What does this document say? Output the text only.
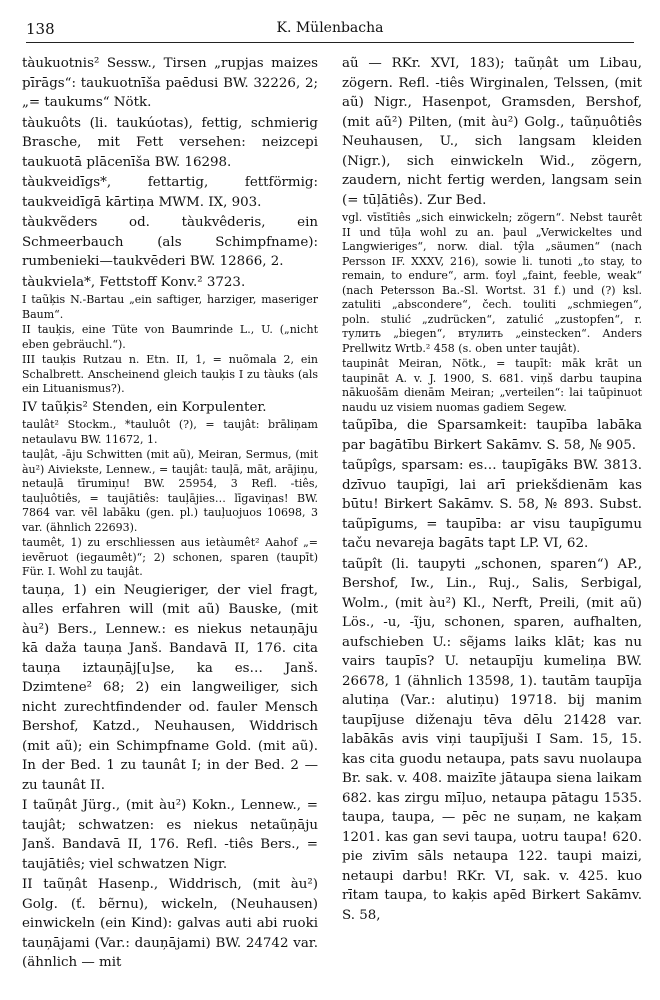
138	K. Mülenbacha

tàukuotnis² Sessw., Tirsen „rupjas maizes pīrāgs“: taukuotnīša paēdusi BW. 32226, 2; „= taukums“ Nötk.

tàukuôts (li. taukúotas), fettig, schmierig Brasche, mit Fett versehen: neizcepi taukuotā plācenīša BW. 16298.

tàukveidīgs*, fettartig, fettförmig: taukveidīgā kārtiņa MWM. IX, 903.

tàukvẽders od. tàukvêderis, ein Schmeerbauch (als Schimpfname): rumbenieki—taukvēderi BW. 12866, 2.

tàukviela*, Fettstoff Konv.² 3723.

I taũķis N.-Bartau „ein saftiger, harziger, maseriger Baum“.

II tauķis, eine Tüte von Baumrinde L., U. („nicht eben gebräuchl.“).

III tauķis Rutzau n. Etn. II, 1, = nuõmala 2, ein Schalbrett. Anscheinend gleich tauķis I zu tàuks (als ein Lituanismus?).

IV taũķis² Stenden, ein Korpulenter.

taulât² Stockm., *tauluôt (?), = taujât: brāliņam netaulavu BW. 11672, 1.

tauļât, -āju Schwitten (mit aũ), Meiran, Sermus, (mit àu²) Aiviekste, Lennew., = taujât: tauļā, māt, arājiņu, netauļā tīrumiņu! BW. 25954, 3 Refl. -tiês, tauļuôtiês, = taujātiês: tauļājies… līgaviņas! BW. 7864 var. vēl labāku (gen. pl.) tauļuojuos 10698, 3 var. (ähnlich 22693).

taumêt, 1) zu erschliessen aus ietàumêt² Aahof „= ievẽruot (iegaumêt)“; 2) schonen, sparen (taupīt) Für. I. Wohl zu taujât.

tauņa, 1) ein Neugieriger, der viel fragt, alles erfahren will (mit aũ) Bauske, (mit àu²) Bers., Lennew.: es niekus netauņāju kā daža tauņa Janš. Bandavā II, 176. cita tauņa iztauņāj[u]se, ka es… Janš. Dzimtene² 68; 2) ein langweiliger, sich nicht zurechtfindender od. fauler Mensch Bershof, Katzd., Neuhausen, Widdrisch (mit aũ); ein Schimpfname Gold. (mit aũ). In der Bed. 1 zu taunât I; in der Bed. 2 — zu taunât II.

I taũņât Jürg., (mit àu²) Kokn., Lennew., = taujât; schwatzen: es niekus netaũņāju Janš. Bandavā II, 176. Refl. -tiês Bers., = taujātiês; viel schwatzen Nigr.

II taũņât Hasenp., Widdrisch, (mit àu²) Golg. (ť. bẽrnu), wickeln, (Neuhausen) einwickeln (ein Kind): galvas auti abi ruoki tauņājami (Var.: dauņājami) BW. 24742 var. (ähnlich — mit

aũ — RKr. XVI, 183); taũņât um Libau, zögern. Refl. -tiês Wirginalen, Telssen, (mit aũ) Nigr., Hasenpot, Gramsden, Bershof, (mit aũ²) Pilten, (mit àu²) Golg., taũņuôtiês Neuhausen, U., sich langsam kleiden (Nigr.), sich einwickeln Wid., zögern, zaudern, nicht fertig werden, langsam sein (= tūļātiês). Zur Bed.

vgl. vīstītiês „sich einwickeln; zögern“. Nebst taurêt II und tūļa wohl zu an. þaul „Verwickeltes und Langwieriges“, norw. dial. tŷla „säumen“ (nach Persson IF. XXXV, 216), sowie li. tunoti „to stay, to remain, to endure“, arm. ťoyl „faint, feeble, weak“ (nach Petersson Ba.-Sl. Wortst. 31 f.) und (?) ksl. zatuliti „abscondere“, čech. touliti „schmiegen“, poln. stulić „zudrücken“, zatulić „zustopfen“, r. тулить „biegen“, втулить „einstecken“. Anders Prellwitz Wrtb.² 458 (s. oben unter taujât).

taupinât Meiran, Nötk., = taupīt: māk krāt un taupināt A. v. J. 1900, S. 681. viņš darbu taupina nākuošām dienām Meiran; „verteilen“: lai taūpinuot naudu uz visiem nuomas gadiem Segew.

taũpība, die Sparsamkeit: taupība labāka par bagātību Birkert Sakāmv. S. 58, № 905.

taũpîgs, sparsam: es… taupīgāks BW. 3813. dzīvuo taupīgi, lai arī priekšdienām kas būtu! Birkert Sakāmv. S. 58, № 893. Subst. taũpīgums, = taupība: ar visu taupīgumu taču nevareja bagāts tapt LP. VI, 62.

taũpît (li. taupyti „schonen, sparen“) AP., Bershof, Iw., Lin., Ruj., Salis, Serbigal, Wolm., (mit àu²) Kl., Nerft, Preili, (mit aũ) Lös., -u, -ĩju, schonen, sparen, aufhalten, aufschieben U.: sẽjams laiks klāt; kas nu vairs taupīs? U. netaupīju kumeliņa BW. 26678, 1 (ähnlich 13598, 1). tautām taupīja alutiņa (Var.: alutiņu) 19718. bij manim taupījuse diženaju tēva dēlu 21428 var. labākās avis viņi taupījuši I Sam. 15, 15. kas cita guodu netaupa, pats savu nuolaupa Br. sak. v. 408. maizīte jātaupa siena laikam 682. kas zirgu mīļuo, netaupa pātagu 1535. taupa, taupa, — pēc ne suņam, ne kaķam 1201. kas gan sevi taupa, uotru taupa! 620. pie zivīm sāls netaupa 122. taupi maizi, netaupi darbu! RKr. VI, sak. v. 425. kuo rītam taupa, to kaķis apēd Birkert Sakāmv. S. 58,
